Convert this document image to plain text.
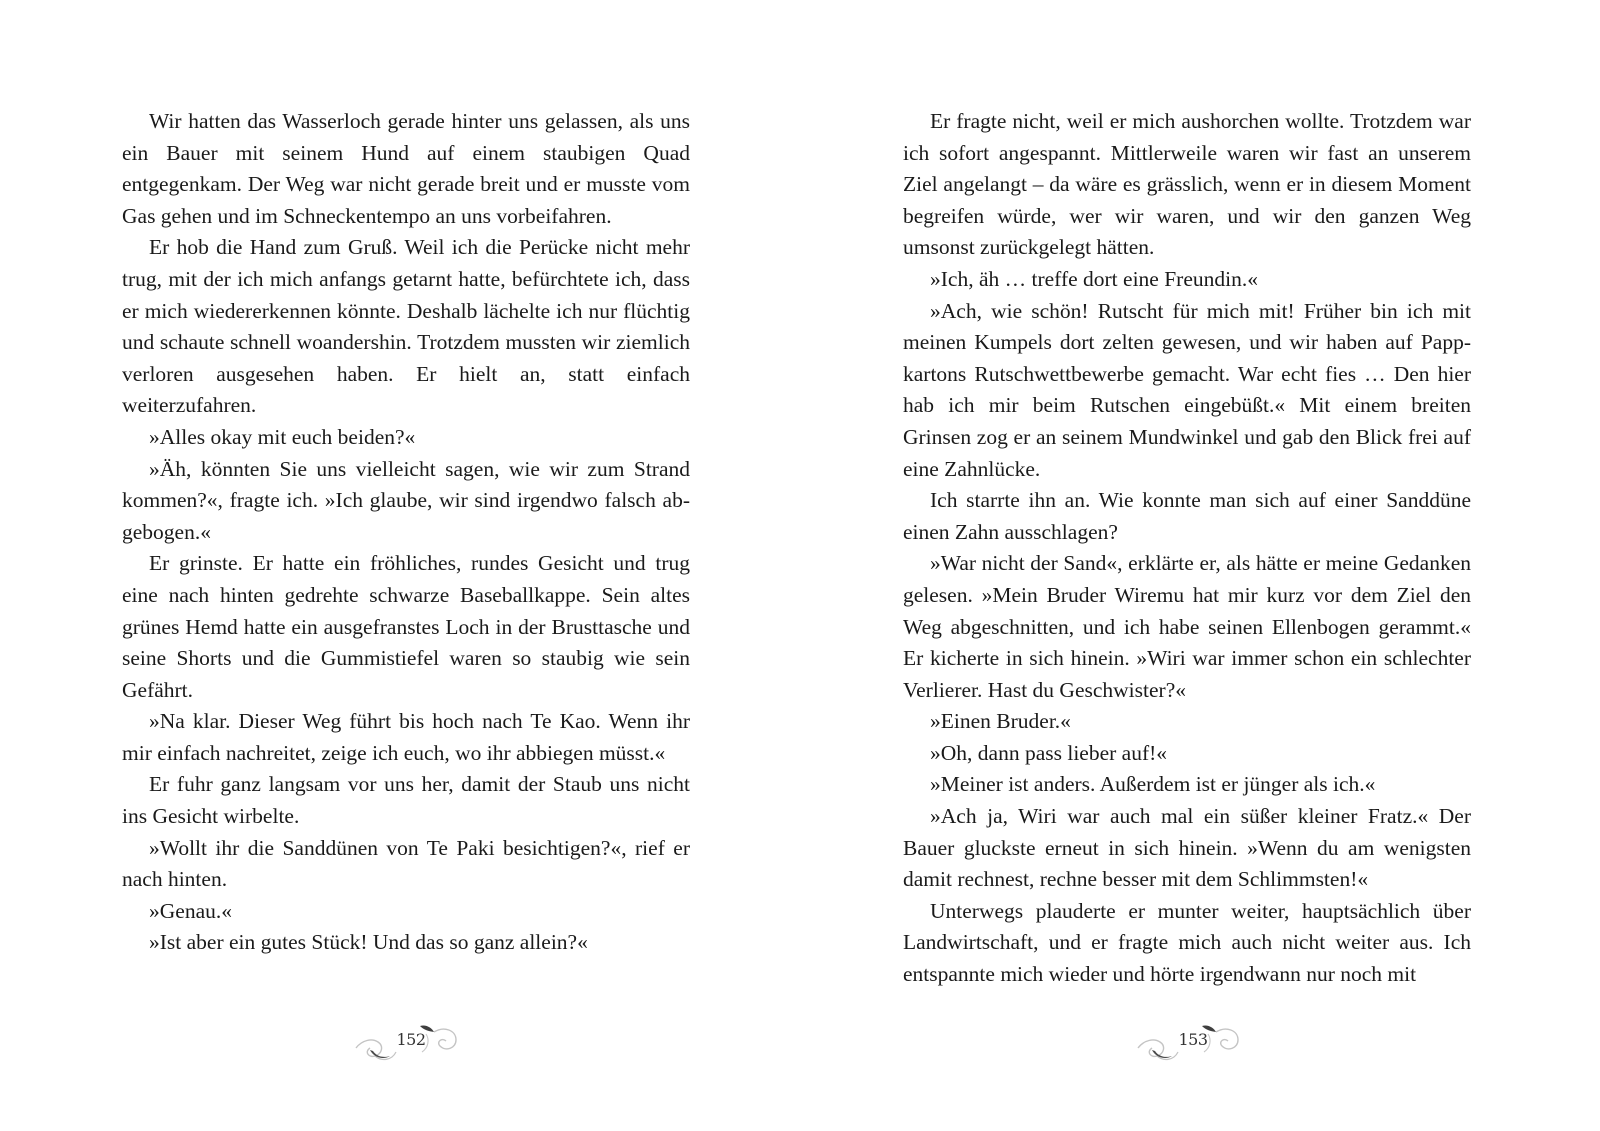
Wir hatten das Wasserloch gerade hinter uns gelassen, als uns ein Bauer mit seinem Hund auf einem staubigen Quad entgegenkam. Der Weg war nicht gerade breit und er musste vom Gas gehen und im Schneckentempo an uns vorbeifahren.

Er hob die Hand zum Gruß. Weil ich die Perücke nicht mehr trug, mit der ich mich anfangs getarnt hatte, befürchtete ich, dass er mich wiedererkennen könnte. Deshalb lächelte ich nur flüchtig und schaute schnell woandershin. Trotzdem mussten wir ziemlich verloren ausgesehen haben. Er hielt an, statt einfach weiterzufahren.

»Alles okay mit euch beiden?«

»Äh, könnten Sie uns vielleicht sagen, wie wir zum Strand kommen?«, fragte ich. »Ich glaube, wir sind irgendwo falsch abgebogen.«

Er grinste. Er hatte ein fröhliches, rundes Gesicht und trug eine nach hinten gedrehte schwarze Baseballkappe. Sein altes grünes Hemd hatte ein ausgefranstes Loch in der Brusttasche und seine Shorts und die Gummistiefel waren so staubig wie sein Gefährt.

»Na klar. Dieser Weg führt bis hoch nach Te Kao. Wenn ihr mir einfach nachreitet, zeige ich euch, wo ihr abbiegen müsst.«

Er fuhr ganz langsam vor uns her, damit der Staub uns nicht ins Gesicht wirbelte.

»Wollt ihr die Sanddünen von Te Paki besichtigen?«, rief er nach hinten.

»Genau.«

»Ist aber ein gutes Stück! Und das so ganz allein?«

Er fragte nicht, weil er mich aushorchen wollte. Trotzdem war ich sofort angespannt. Mittlerweile waren wir fast an unserem Ziel angelangt – da wäre es grässlich, wenn er in diesem Moment begreifen würde, wer wir waren, und wir den ganzen Weg umsonst zurückgelegt hätten.

»Ich, äh … treffe dort eine Freundin.«

»Ach, wie schön! Rutscht für mich mit! Früher bin ich mit meinen Kumpels dort zelten gewesen, und wir haben auf Pappkartons Rutschwettbewerbe gemacht. War echt fies … Den hier hab ich mir beim Rutschen eingebüßt.« Mit einem breiten Grinsen zog er an seinem Mundwinkel und gab den Blick frei auf eine Zahnlücke.

Ich starrte ihn an. Wie konnte man sich auf einer Sanddüne einen Zahn ausschlagen?

»War nicht der Sand«, erklärte er, als hätte er meine Gedanken gelesen. »Mein Bruder Wiremu hat mir kurz vor dem Ziel den Weg abgeschnitten, und ich habe seinen Ellenbogen gerammt.« Er kicherte in sich hinein. »Wiri war immer schon ein schlechter Verlierer. Hast du Geschwister?«

»Einen Bruder.«

»Oh, dann pass lieber auf!«

»Meiner ist anders. Außerdem ist er jünger als ich.«

»Ach ja, Wiri war auch mal ein süßer kleiner Fratz.« Der Bauer gluckste erneut in sich hinein. »Wenn du am wenigsten damit rechnest, rechne besser mit dem Schlimmsten!«

Unterwegs plauderte er munter weiter, hauptsächlich über Landwirtschaft, und er fragte mich auch nicht weiter aus. Ich entspannte mich wieder und hörte irgendwann nur noch mit

152	153
